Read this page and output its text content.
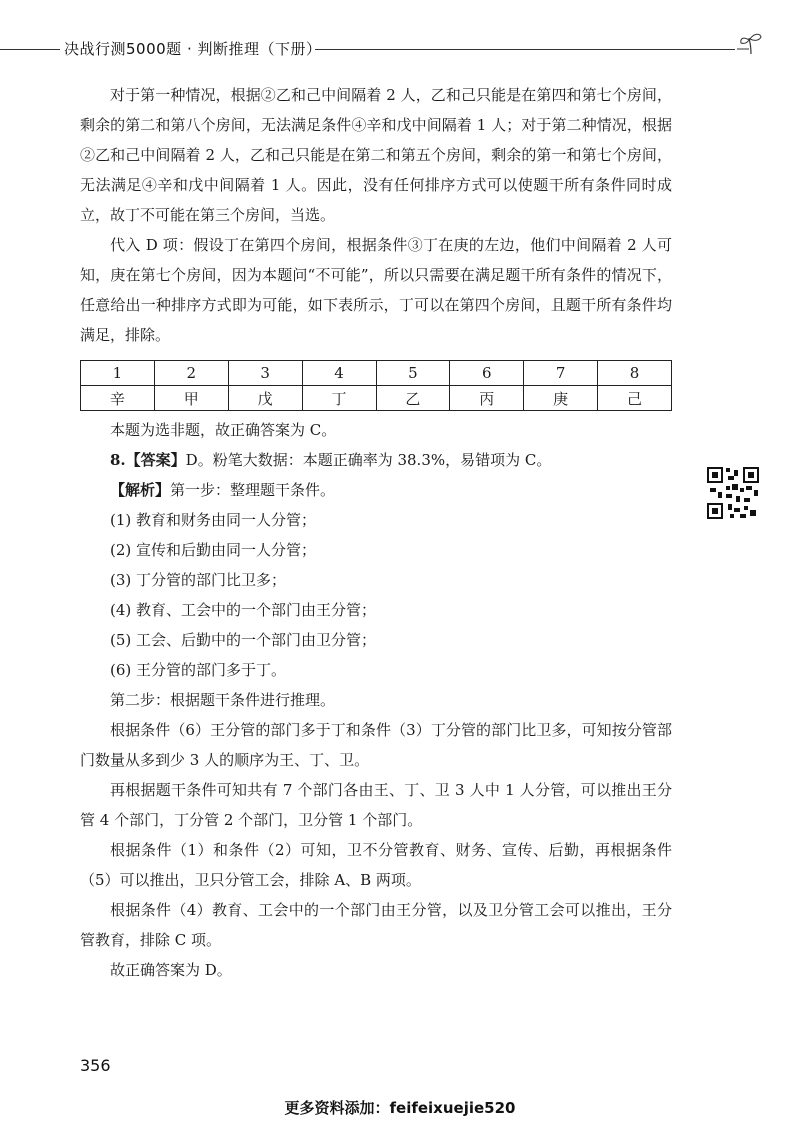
决战行测5000题 · 判断推理（下册）

对于第一种情况，根据②乙和己中间隔着 2 人，乙和己只能是在第四和第七个房间，剩余的第二和第八个房间，无法满足条件④辛和戊中间隔着 1 人；对于第二种情况，根据②乙和己中间隔着 2 人，乙和己只能是在第二和第五个房间，剩余的第一和第七个房间，无法满足④辛和戊中间隔着 1 人。因此，没有任何排序方式可以使题干所有条件同时成立，故丁不可能在第三个房间，当选。

代入 D 项：假设丁在第四个房间，根据条件③丁在庚的左边，他们中间隔着 2 人可知，庚在第七个房间，因为本题问“不可能”，所以只需要在满足题干所有条件的情况下，任意给出一种排序方式即为可能，如下表所示，丁可以在第四个房间，且题干所有条件均满足，排除。

1	2	3	4	5	6	7	8
辛	甲	戊	丁	乙	丙	庚	己

本题为选非题，故正确答案为 C。

8.【答案】D。粉笔大数据：本题正确率为 38.3%，易错项为 C。

【解析】第一步：整理题干条件。

(1) 教育和财务由同一人分管；

(2) 宣传和后勤由同一人分管；

(3) 丁分管的部门比卫多；

(4) 教育、工会中的一个部门由王分管；

(5) 工会、后勤中的一个部门由卫分管；

(6) 王分管的部门多于丁。

第二步：根据题干条件进行推理。

根据条件（6）王分管的部门多于丁和条件（3）丁分管的部门比卫多，可知按分管部门数量从多到少 3 人的顺序为王、丁、卫。

再根据题干条件可知共有 7 个部门各由王、丁、卫 3 人中 1 人分管，可以推出王分管 4 个部门，丁分管 2 个部门，卫分管 1 个部门。

根据条件（1）和条件（2）可知，卫不分管教育、财务、宣传、后勤，再根据条件（5）可以推出，卫只分管工会，排除 A、B 两项。

根据条件（4）教育、工会中的一个部门由王分管，以及卫分管工会可以推出，王分管教育，排除 C 项。

故正确答案为 D。

356
更多资料添加：feifeixuejie520
